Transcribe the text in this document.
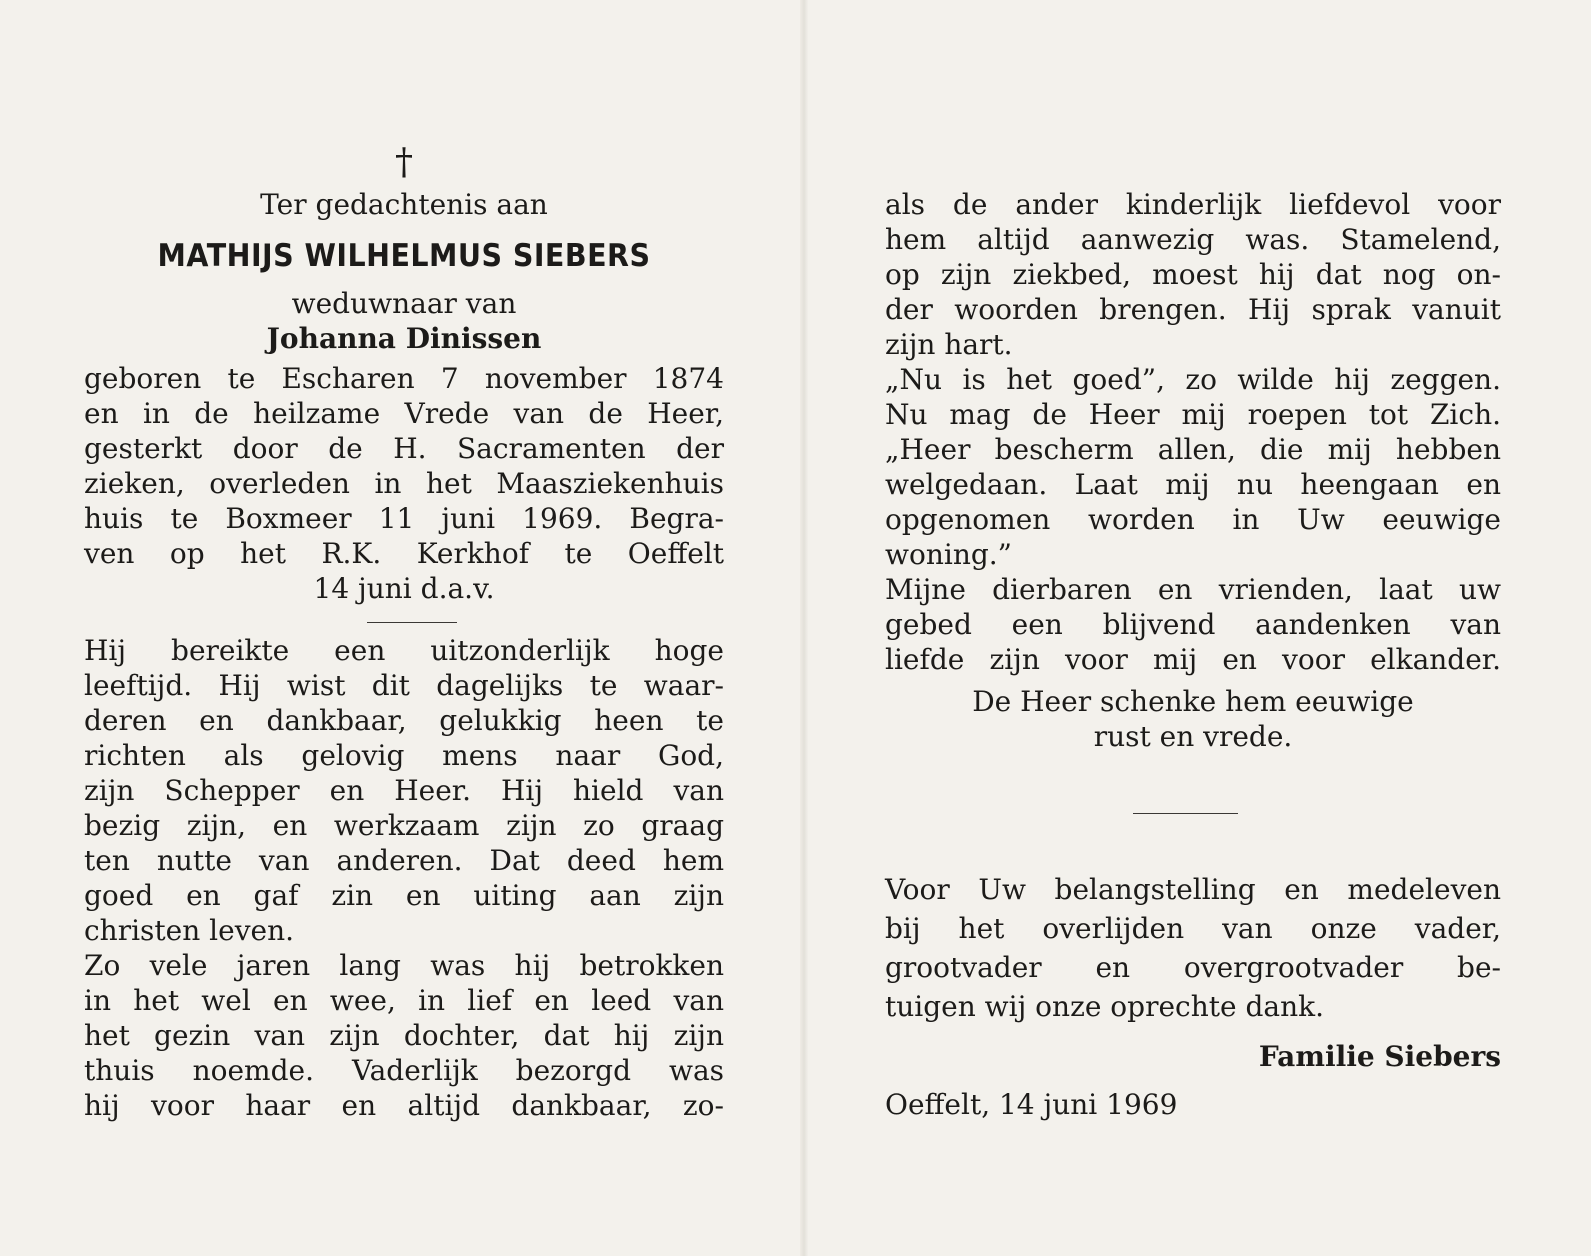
†
Ter gedachtenis aan
MATHIJS WILHELMUS SIEBERS
weduwnaar van
Johanna Dinissen

geboren te Escharen 7 november 1874

en in de heilzame Vrede van de Heer,

gesterkt door de H. Sacramenten der

zieken, overleden in het Maasziekenhuis

huis te Boxmeer 11 juni 1969. Begra-

ven op het R.K. Kerkhof te Oeffelt

14 juni d.a.v.

Hij bereikte een uitzonderlijk hoge

leeftijd. Hij wist dit dagelijks te waar-

deren en dankbaar, gelukkig heen te

richten als gelovig mens naar God,

zijn Schepper en Heer. Hij hield van

bezig zijn, en werkzaam zijn zo graag

ten nutte van anderen. Dat deed hem

goed en gaf zin en uiting aan zijn

christen leven.

Zo vele jaren lang was hij betrokken

in het wel en wee, in lief en leed van

het gezin van zijn dochter, dat hij zijn

thuis noemde. Vaderlijk bezorgd was

hij voor haar en altijd dankbaar, zo-

als de ander kinderlijk liefdevol voor

hem altijd aanwezig was. Stamelend,

op zijn ziekbed, moest hij dat nog on-

der woorden brengen. Hij sprak vanuit

zijn hart.

„Nu is het goed”, zo wilde hij zeggen.

Nu mag de Heer mij roepen tot Zich.

„Heer bescherm allen, die mij hebben

welgedaan. Laat mij nu heengaan en

opgenomen worden in Uw eeuwige

woning.”

Mijne dierbaren en vrienden, laat uw

gebed een blijvend aandenken van

liefde zijn voor mij en voor elkander.

De Heer schenke hem eeuwige

rust en vrede.

Voor Uw belangstelling en medeleven

bij het overlijden van onze vader,

grootvader en overgrootvader be-

tuigen wij onze oprechte dank.

Familie Siebers
Oeffelt, 14 juni 1969
